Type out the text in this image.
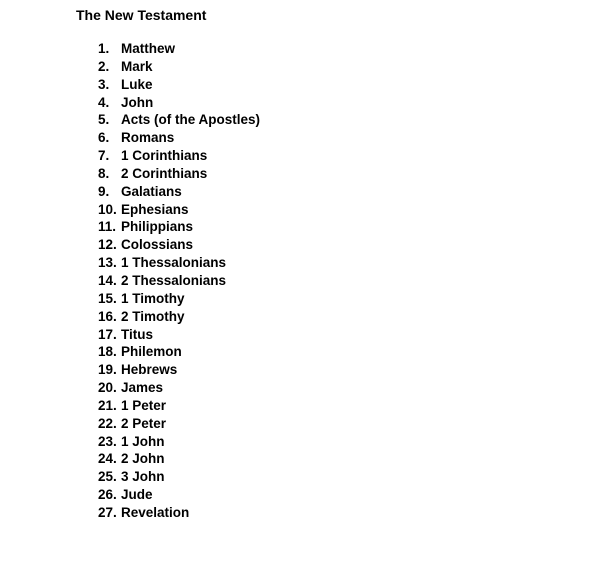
The New Testament
1. Matthew
2. Mark
3. Luke
4. John
5. Acts (of the Apostles)
6. Romans
7. 1 Corinthians
8. 2 Corinthians
9. Galatians
10. Ephesians
11. Philippians
12. Colossians
13. 1 Thessalonians
14. 2 Thessalonians
15. 1 Timothy
16. 2 Timothy
17. Titus
18. Philemon
19. Hebrews
20. James
21. 1 Peter
22. 2 Peter
23. 1 John
24. 2 John
25. 3 John
26. Jude
27. Revelation
